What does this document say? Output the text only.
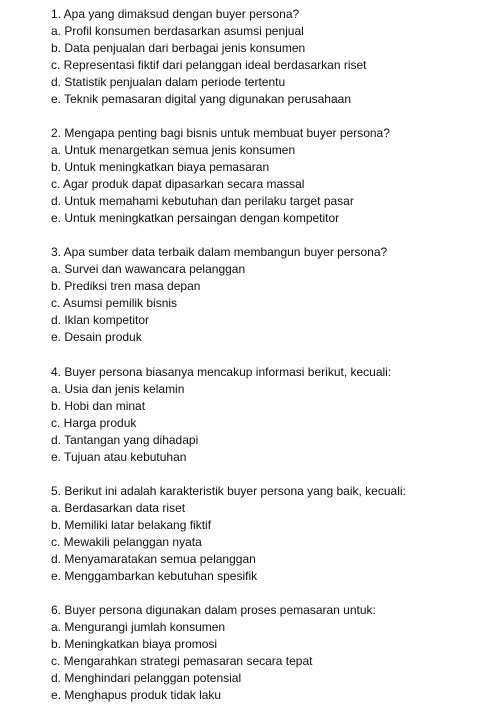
1. Apa yang dimaksud dengan buyer persona?
a. Profil konsumen berdasarkan asumsi penjual
b. Data penjualan dari berbagai jenis konsumen
c. Representasi fiktif dari pelanggan ideal berdasarkan riset
d. Statistik penjualan dalam periode tertentu
e. Teknik pemasaran digital yang digunakan perusahaan
2. Mengapa penting bagi bisnis untuk membuat buyer persona?
a. Untuk menargetkan semua jenis konsumen
b. Untuk meningkatkan biaya pemasaran
c. Agar produk dapat dipasarkan secara massal
d. Untuk memahami kebutuhan dan perilaku target pasar
e. Untuk meningkatkan persaingan dengan kompetitor
3. Apa sumber data terbaik dalam membangun buyer persona?
a. Survei dan wawancara pelanggan
b. Prediksi tren masa depan
c. Asumsi pemilik bisnis
d. Iklan kompetitor
e. Desain produk
4. Buyer persona biasanya mencakup informasi berikut, kecuali:
a. Usia dan jenis kelamin
b. Hobi dan minat
c. Harga produk
d. Tantangan yang dihadapi
e. Tujuan atau kebutuhan
5. Berikut ini adalah karakteristik buyer persona yang baik, kecuali:
a. Berdasarkan data riset
b. Memiliki latar belakang fiktif
c. Mewakili pelanggan nyata
d. Menyamaratakan semua pelanggan
e. Menggambarkan kebutuhan spesifik
6. Buyer persona digunakan dalam proses pemasaran untuk:
a. Mengurangi jumlah konsumen
b. Meningkatkan biaya promosi
c. Mengarahkan strategi pemasaran secara tepat
d. Menghindari pelanggan potensial
e. Menghapus produk tidak laku
